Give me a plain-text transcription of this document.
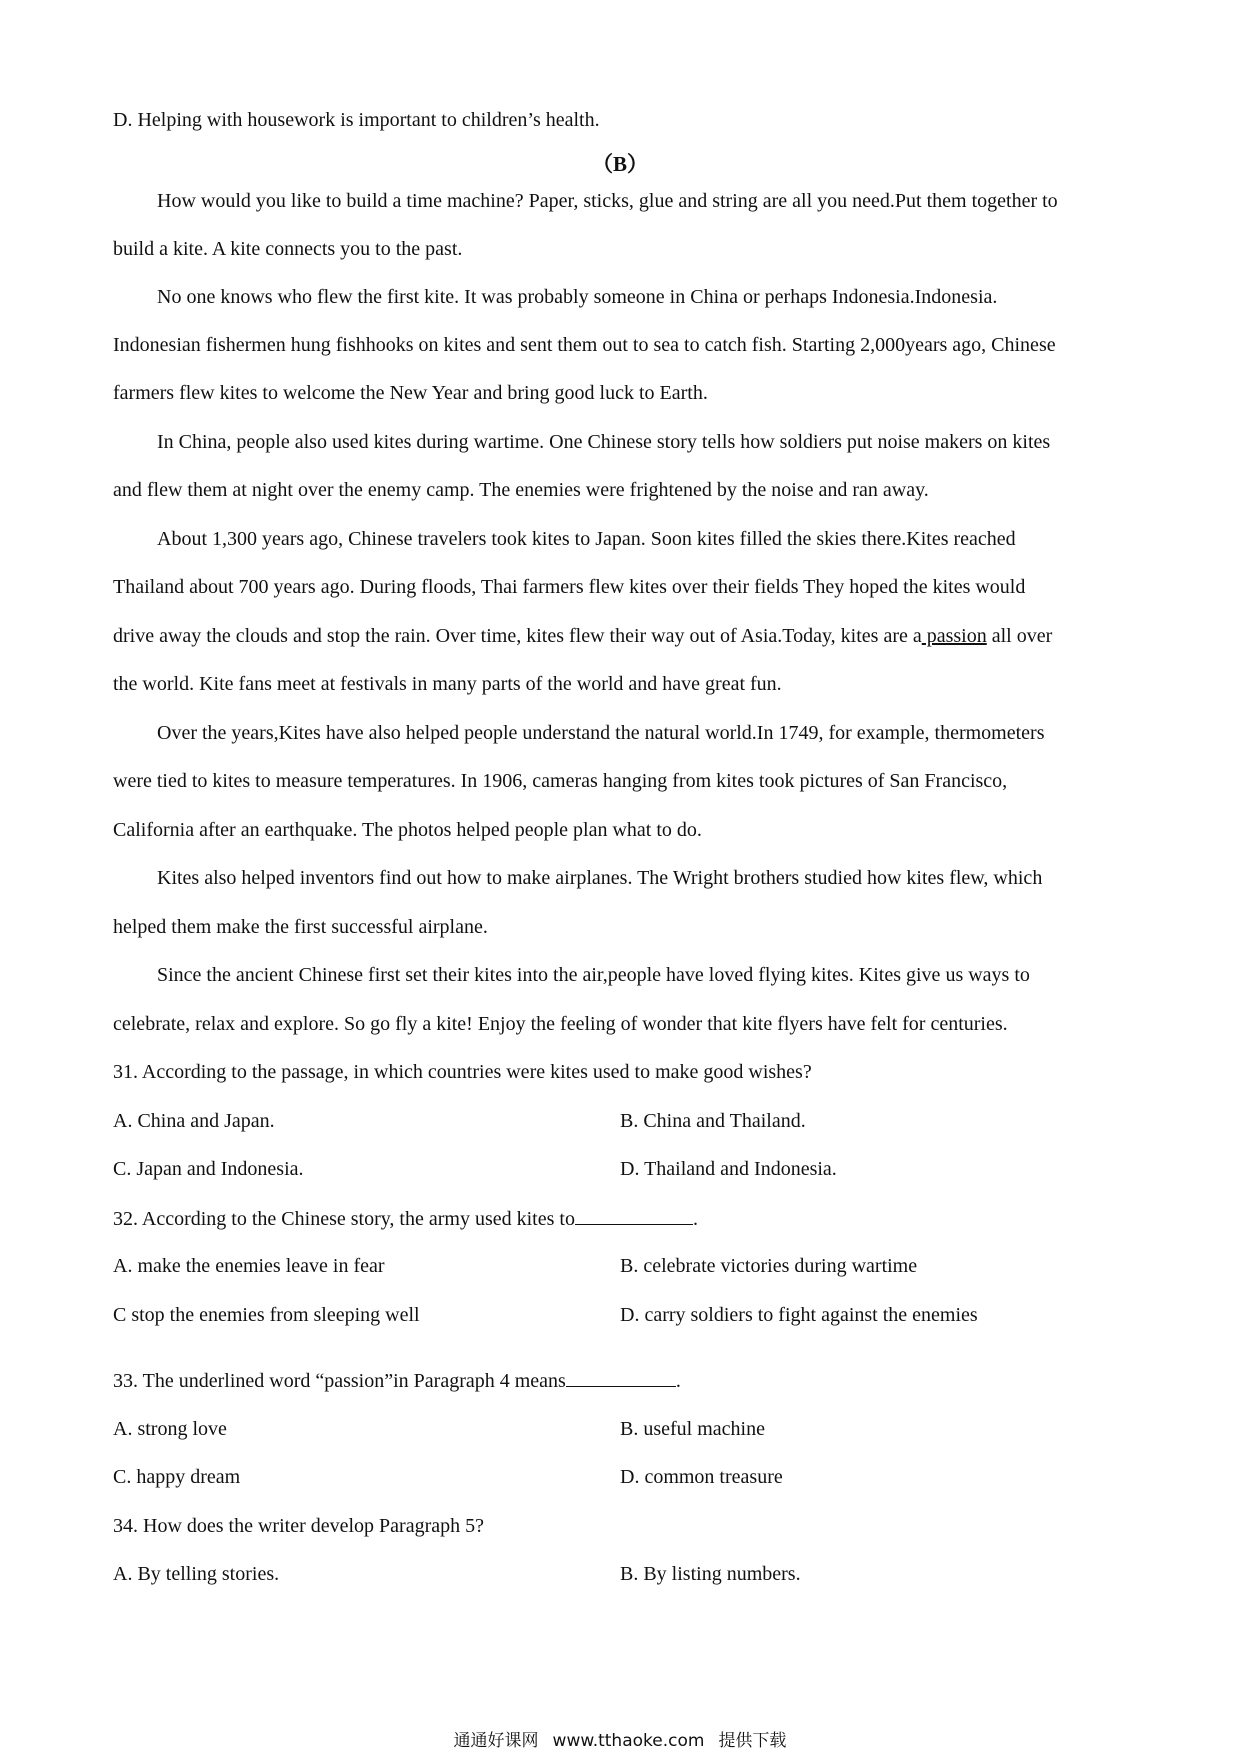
D. Helping with housework is important to children’s health.
（B）
How would you like to build a time machine? Paper, sticks, glue and string are all you need.Put them together to
build a kite. A kite connects you to the past.
No one knows who flew the first kite. It was probably someone in China or perhaps Indonesia.Indonesia.
Indonesian fishermen hung fishhooks on kites and sent them out to sea to catch fish. Starting 2,000years ago, Chinese
farmers flew kites to welcome the New Year and bring good luck to Earth.
In China, people also used kites during wartime. One Chinese story tells how soldiers put noise makers on kites
and flew them at night over the enemy camp. The enemies were frightened by the noise and ran away.
About 1,300 years ago, Chinese travelers took kites to Japan. Soon kites filled the skies there.Kites reached
Thailand about 700 years ago. During floods, Thai farmers flew kites over their fields They hoped the kites would
drive away the clouds and stop the rain. Over time, kites flew their way out of Asia.Today, kites are a passion all over
the world. Kite fans meet at festivals in many parts of the world and have great fun.
Over the years,Kites have also helped people understand the natural world.In 1749, for example, thermometers
were tied to kites to measure temperatures. In 1906, cameras hanging from kites took pictures of San Francisco,
California after an earthquake. The photos helped people plan what to do.
Kites also helped inventors find out how to make airplanes. The Wright brothers studied how kites flew, which
helped them make the first successful airplane.
Since the ancient Chinese first set their kites into the air,people have loved flying kites. Kites give us ways to
celebrate, relax and explore. So go fly a kite! Enjoy the feeling of wonder that kite flyers have felt for centuries.
31. According to the passage, in which countries were kites used to make good wishes?
A. China and Japan.	B. China and Thailand.
C. Japan and Indonesia.	D. Thailand and Indonesia.
32. According to the Chinese story, the army used kites to	.
A. make the enemies leave in fear	B. celebrate victories during wartime
C stop the enemies from sleeping well	D. carry soldiers to fight against the enemies
33. The underlined word “passion”in Paragraph 4 means	.
A. strong love	B. useful machine
C. happy dream	D. common treasure
34. How does the writer develop Paragraph 5?
A. By telling stories.	B. By listing numbers.
通通好课网 www.tthaoke.com 提供下载
